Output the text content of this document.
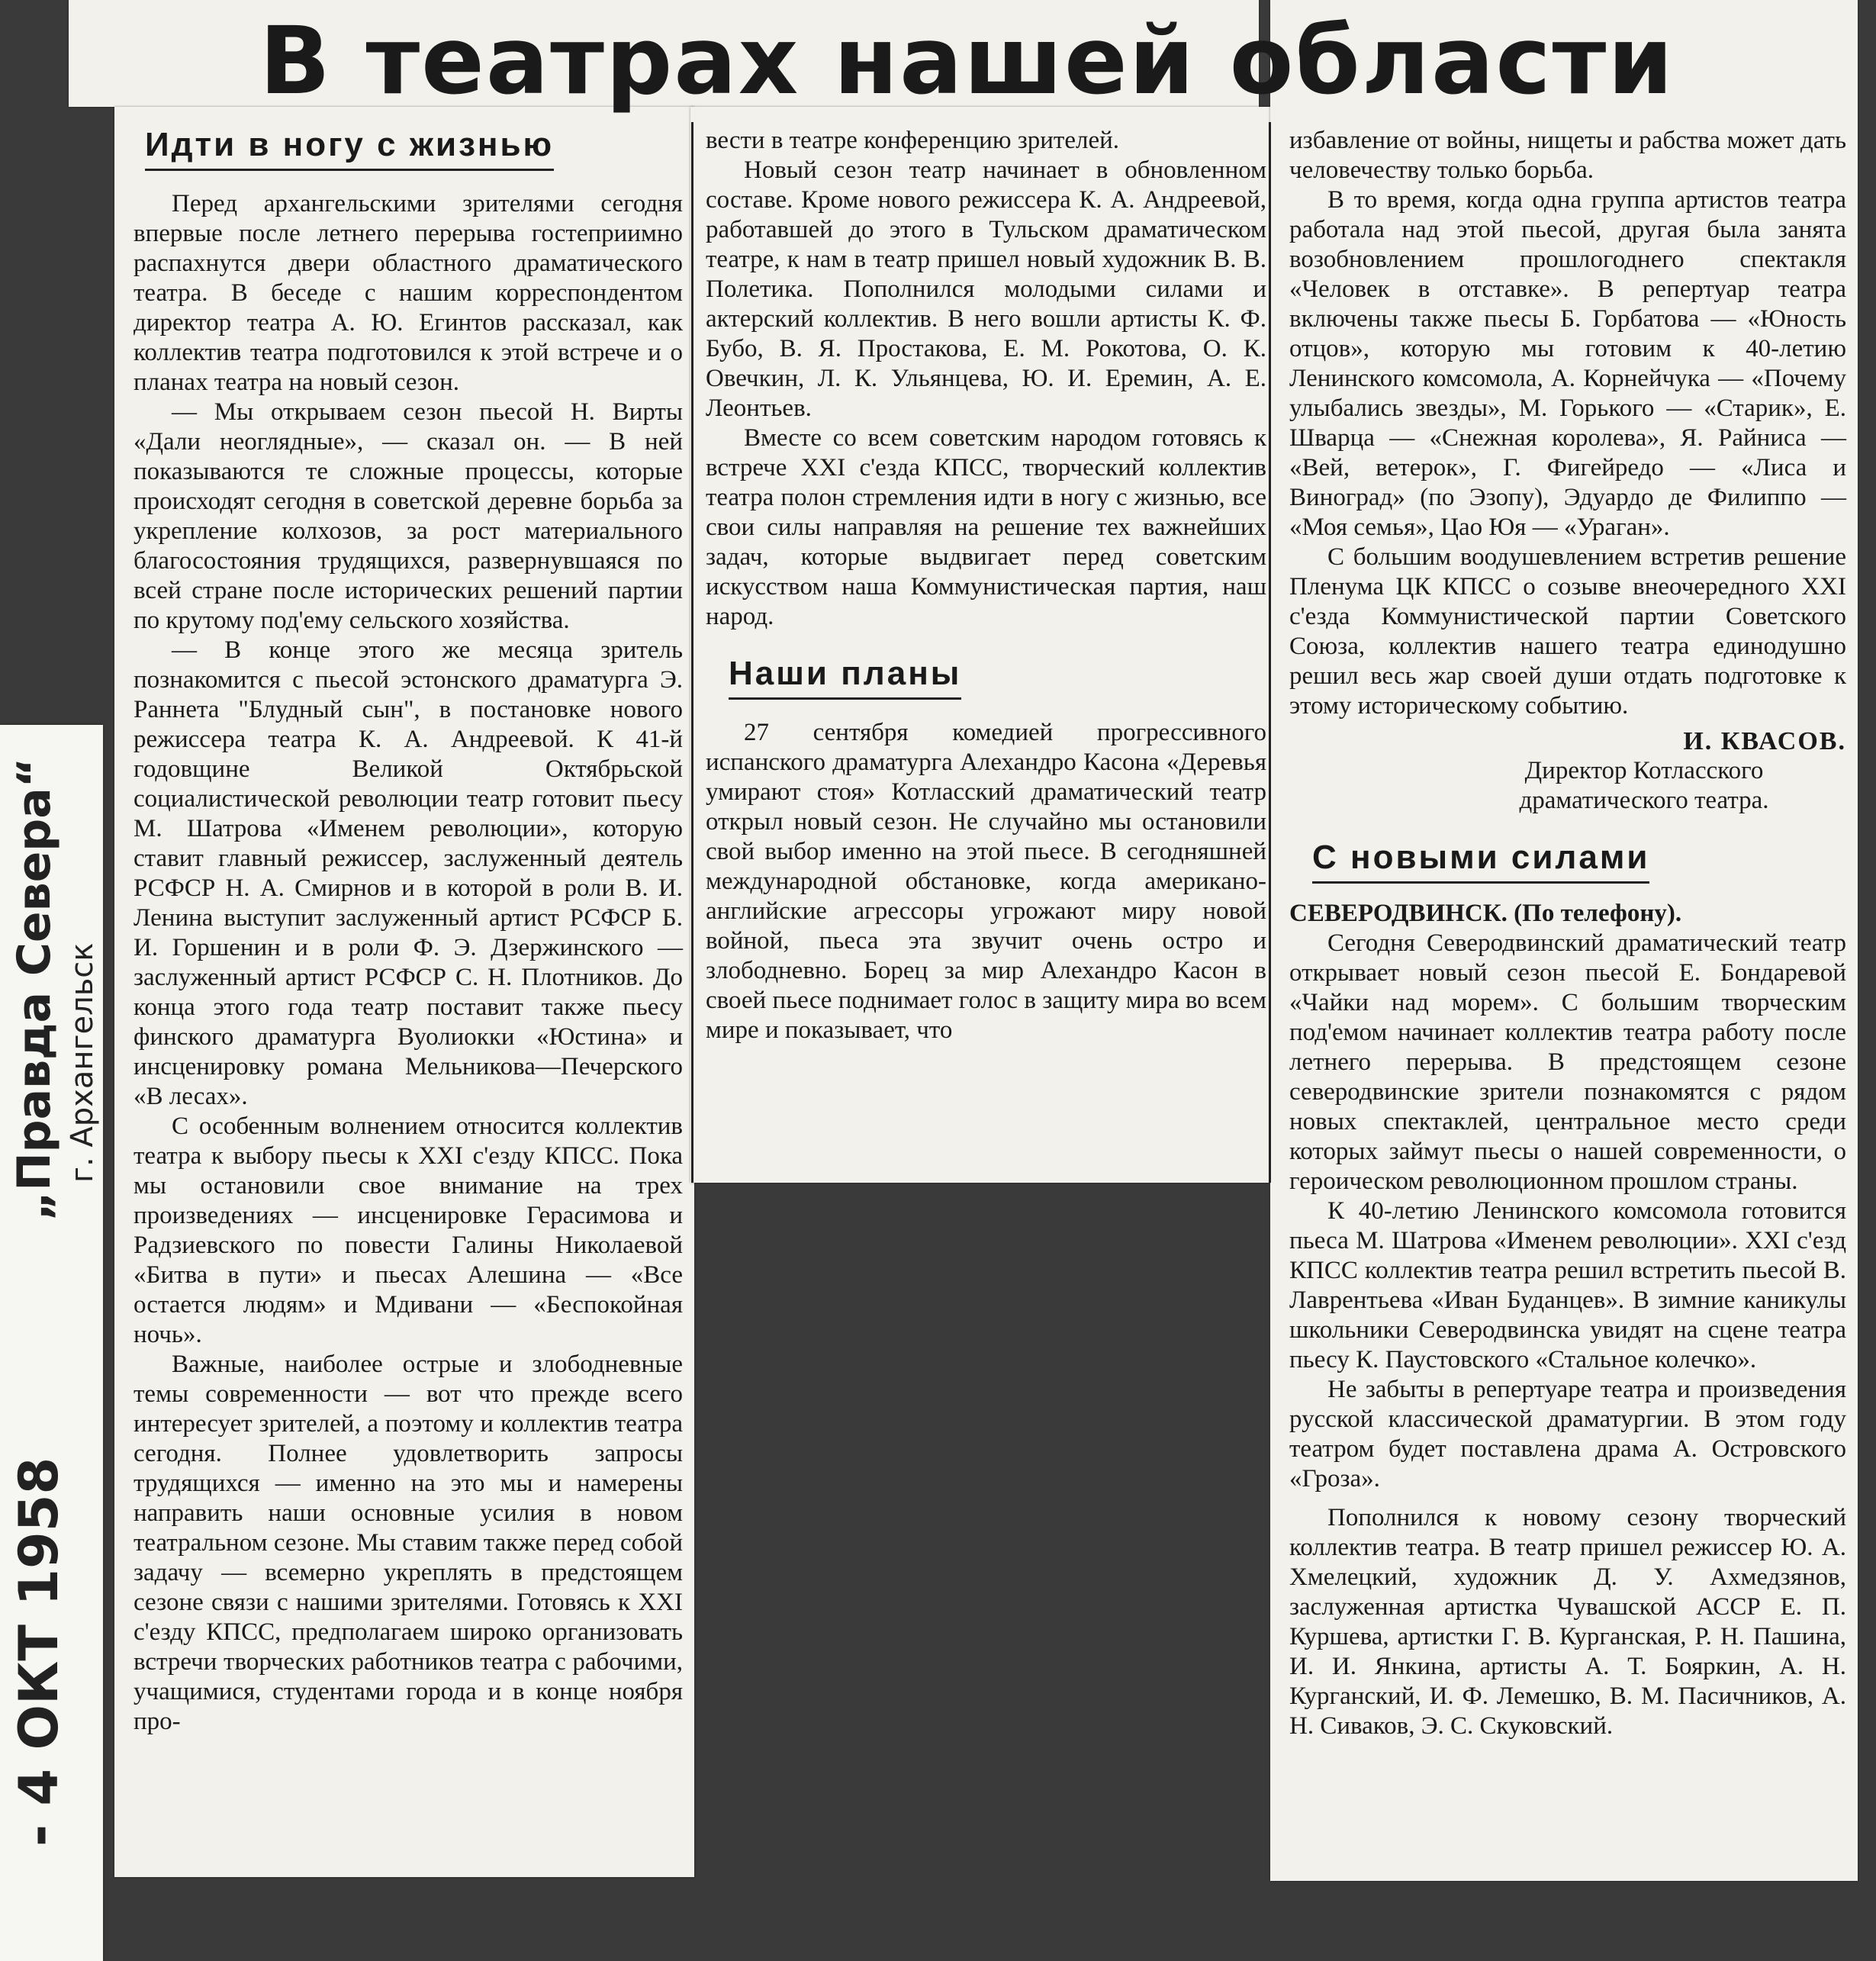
В театрах нашей области
- 4 ОКТ 1958
„Правда Севера“ г. Архангельск
Идти в ногу с жизнью

Перед архангельскими зрителями сегодня впервые после летнего перерыва гостеприимно распахнутся двери областного драматического театра. В беседе с нашим корреспондентом директор театра А. Ю. Егинтов рассказал, как коллектив театра подготовился к этой встрече и о планах театра на новый сезон.

— Мы открываем сезон пьесой Н. Вирты «Дали неоглядные», — сказал он. — В ней показываются те сложные процессы, которые происходят сегодня в советской деревне борьба за укрепление колхозов, за рост материального благосостояния трудящихся, развернувшаяся по всей стране после исторических решений партии по крутому под'ему сельского хозяйства.

— В конце этого же месяца зритель познакомится с пьесой эстонского драматурга Э. Раннета "Блудный сын", в постановке нового режиссера театра К. А. Андреевой. К 41-й годовщине Великой Октябрьской социалистической революции театр готовит пьесу М. Шатрова «Именем революции», которую ставит главный режиссер, заслуженный деятель РСФСР Н. А. Смирнов и в которой в роли В. И. Ленина выступит заслуженный артист РСФСР Б. И. Горшенин и в роли Ф. Э. Дзержинского — заслуженный артист РСФСР С. Н. Плотников. До конца этого года театр поставит также пьесу финского драматурга Вуолиокки «Юстина» и инсценировку романа Мельникова—Печерского «В лесах».

С особенным волнением относится коллектив театра к выбору пьесы к XXI с'езду КПСС. Пока мы остановили свое внимание на трех произведениях — инсценировке Герасимова и Радзиевского по повести Галины Николаевой «Битва в пути» и пьесах Алешина — «Все остается людям» и Мдивани — «Беспокойная ночь».

Важные, наиболее острые и злободневные темы современности — вот что прежде всего интересует зрителей, а поэтому и коллектив театра сегодня. Полнее удовлетворить запросы трудящихся — именно на это мы и намерены направить наши основные усилия в новом театральном сезоне. Мы ставим также перед собой задачу — всемерно укреплять в предстоящем сезоне связи с нашими зрителями. Готовясь к XXI с'езду КПСС, предполагаем широко организовать встречи творческих работников театра с рабочими, учащимися, студентами города и в конце ноября про-

вести в театре конференцию зрителей.

Новый сезон театр начинает в обновленном составе. Кроме нового режиссера К. А. Андреевой, работавшей до этого в Тульском драматическом театре, к нам в театр пришел новый художник В. В. Полетика. Пополнился молодыми силами и актерский коллектив. В него вошли артисты К. Ф. Бубо, В. Я. Простакова, Е. М. Рокотова, О. К. Овечкин, Л. К. Ульянцева, Ю. И. Еремин, А. Е. Леонтьев.

Вместе со всем советским народом готовясь к встрече XXI с'езда КПСС, творческий коллектив театра полон стремления идти в ногу с жизнью, все свои силы направляя на решение тех важнейших задач, которые выдвигает перед советским искусством наша Коммунистическая партия, наш народ.

Наши планы

27 сентября комедией прогрессивного испанского драматурга Алехандро Касона «Деревья умирают стоя» Котласский драматический театр открыл новый сезон. Не случайно мы остановили свой выбор именно на этой пьесе. В сегодняшней международной обстановке, когда американо-английские агрессоры угрожают миру новой войной, пьеса эта звучит очень остро и злободневно. Борец за мир Алехандро Касон в своей пьесе поднимает голос в защиту мира во всем мире и показывает, что

избавление от войны, нищеты и рабства может дать человечеству только борьба.

В то время, когда одна группа артистов театра работала над этой пьесой, другая была занята возобновлением прошлогоднего спектакля «Человек в отставке». В репертуар театра включены также пьесы Б. Горбатова — «Юность отцов», которую мы готовим к 40-летию Ленинского комсомола, А. Корнейчука — «Почему улыбались звезды», М. Горького — «Старик», Е. Шварца — «Снежная королева», Я. Райниса — «Вей, ветерок», Г. Фигейредо — «Лиса и Виноград» (по Эзопу), Эдуардо де Филиппо — «Моя семья», Цао Юя — «Ураган».

С большим воодушевлением встретив решение Пленума ЦК КПСС о созыве внеочередного XXI с'езда Коммунистической партии Советского Союза, коллектив нашего театра единодушно решил весь жар своей души отдать подготовке к этому историческому событию.

И. КВАСОВ.
Директор Котласского драматического театра.
С новыми силами

СЕВЕРОДВИНСК. (По телефону).

Сегодня Северодвинский драматический театр открывает новый сезон пьесой Е. Бондаревой «Чайки над морем». С большим творческим под'емом начинает коллектив театра работу после летнего перерыва. В предстоящем сезоне северодвинские зрители познакомятся с рядом новых спектаклей, центральное место среди которых займут пьесы о нашей современности, о героическом революционном прошлом страны.

К 40-летию Ленинского комсомола готовится пьеса М. Шатрова «Именем революции». XXI с'езд КПСС коллектив театра решил встретить пьесой В. Лаврентьева «Иван Буданцев». В зимние каникулы школьники Северодвинска увидят на сцене театра пьесу К. Паустовского «Стальное колечко».

Не забыты в репертуаре театра и произведения русской классической драматургии. В этом году театром будет поставлена драма А. Островского «Гроза».

Пополнился к новому сезону творческий коллектив театра. В театр пришел режиссер Ю. А. Хмелецкий, художник Д. У. Ахмедзянов, заслуженная артистка Чувашской АССР Е. П. Куршева, артистки Г. В. Курганская, Р. Н. Пашина, И. И. Янкина, артисты А. Т. Бояркин, А. Н. Курганский, И. Ф. Лемешко, В. М. Пасичников, А. Н. Сиваков, Э. С. Скуковский.
